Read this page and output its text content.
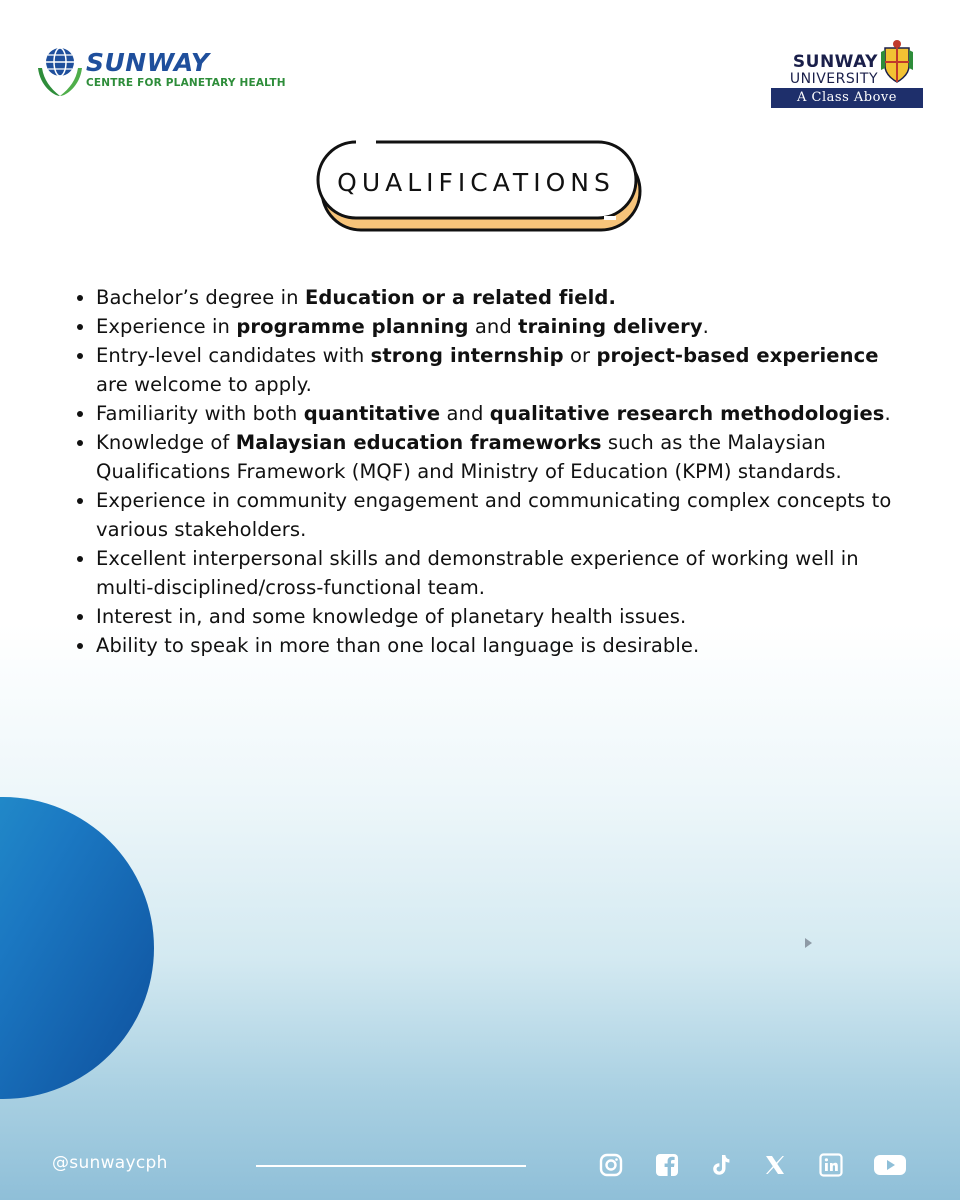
SUNWAY
CENTRE FOR PLANETARY HEALTH
SUNWAY
UNIVERSITY
A Class Above
QUALIFICATIONS
Bachelor’s degree in Education or a related field.
Experience in programme planning and training delivery.
Entry-level candidates with strong internship or project-based experience are welcome to apply.
Familiarity with both quantitative and qualitative research methodologies.
Knowledge of Malaysian education frameworks such as the Malaysian Qualifications Framework (MQF) and Ministry of Education (KPM) standards.
Experience in community engagement and communicating complex concepts to various stakeholders.
Excellent interpersonal skills and demonstrable experience of working well in multi-disciplined/cross-functional team.
Interest in, and some knowledge of planetary health issues.
Ability to speak in more than one local language is desirable.
@sunwaycph
